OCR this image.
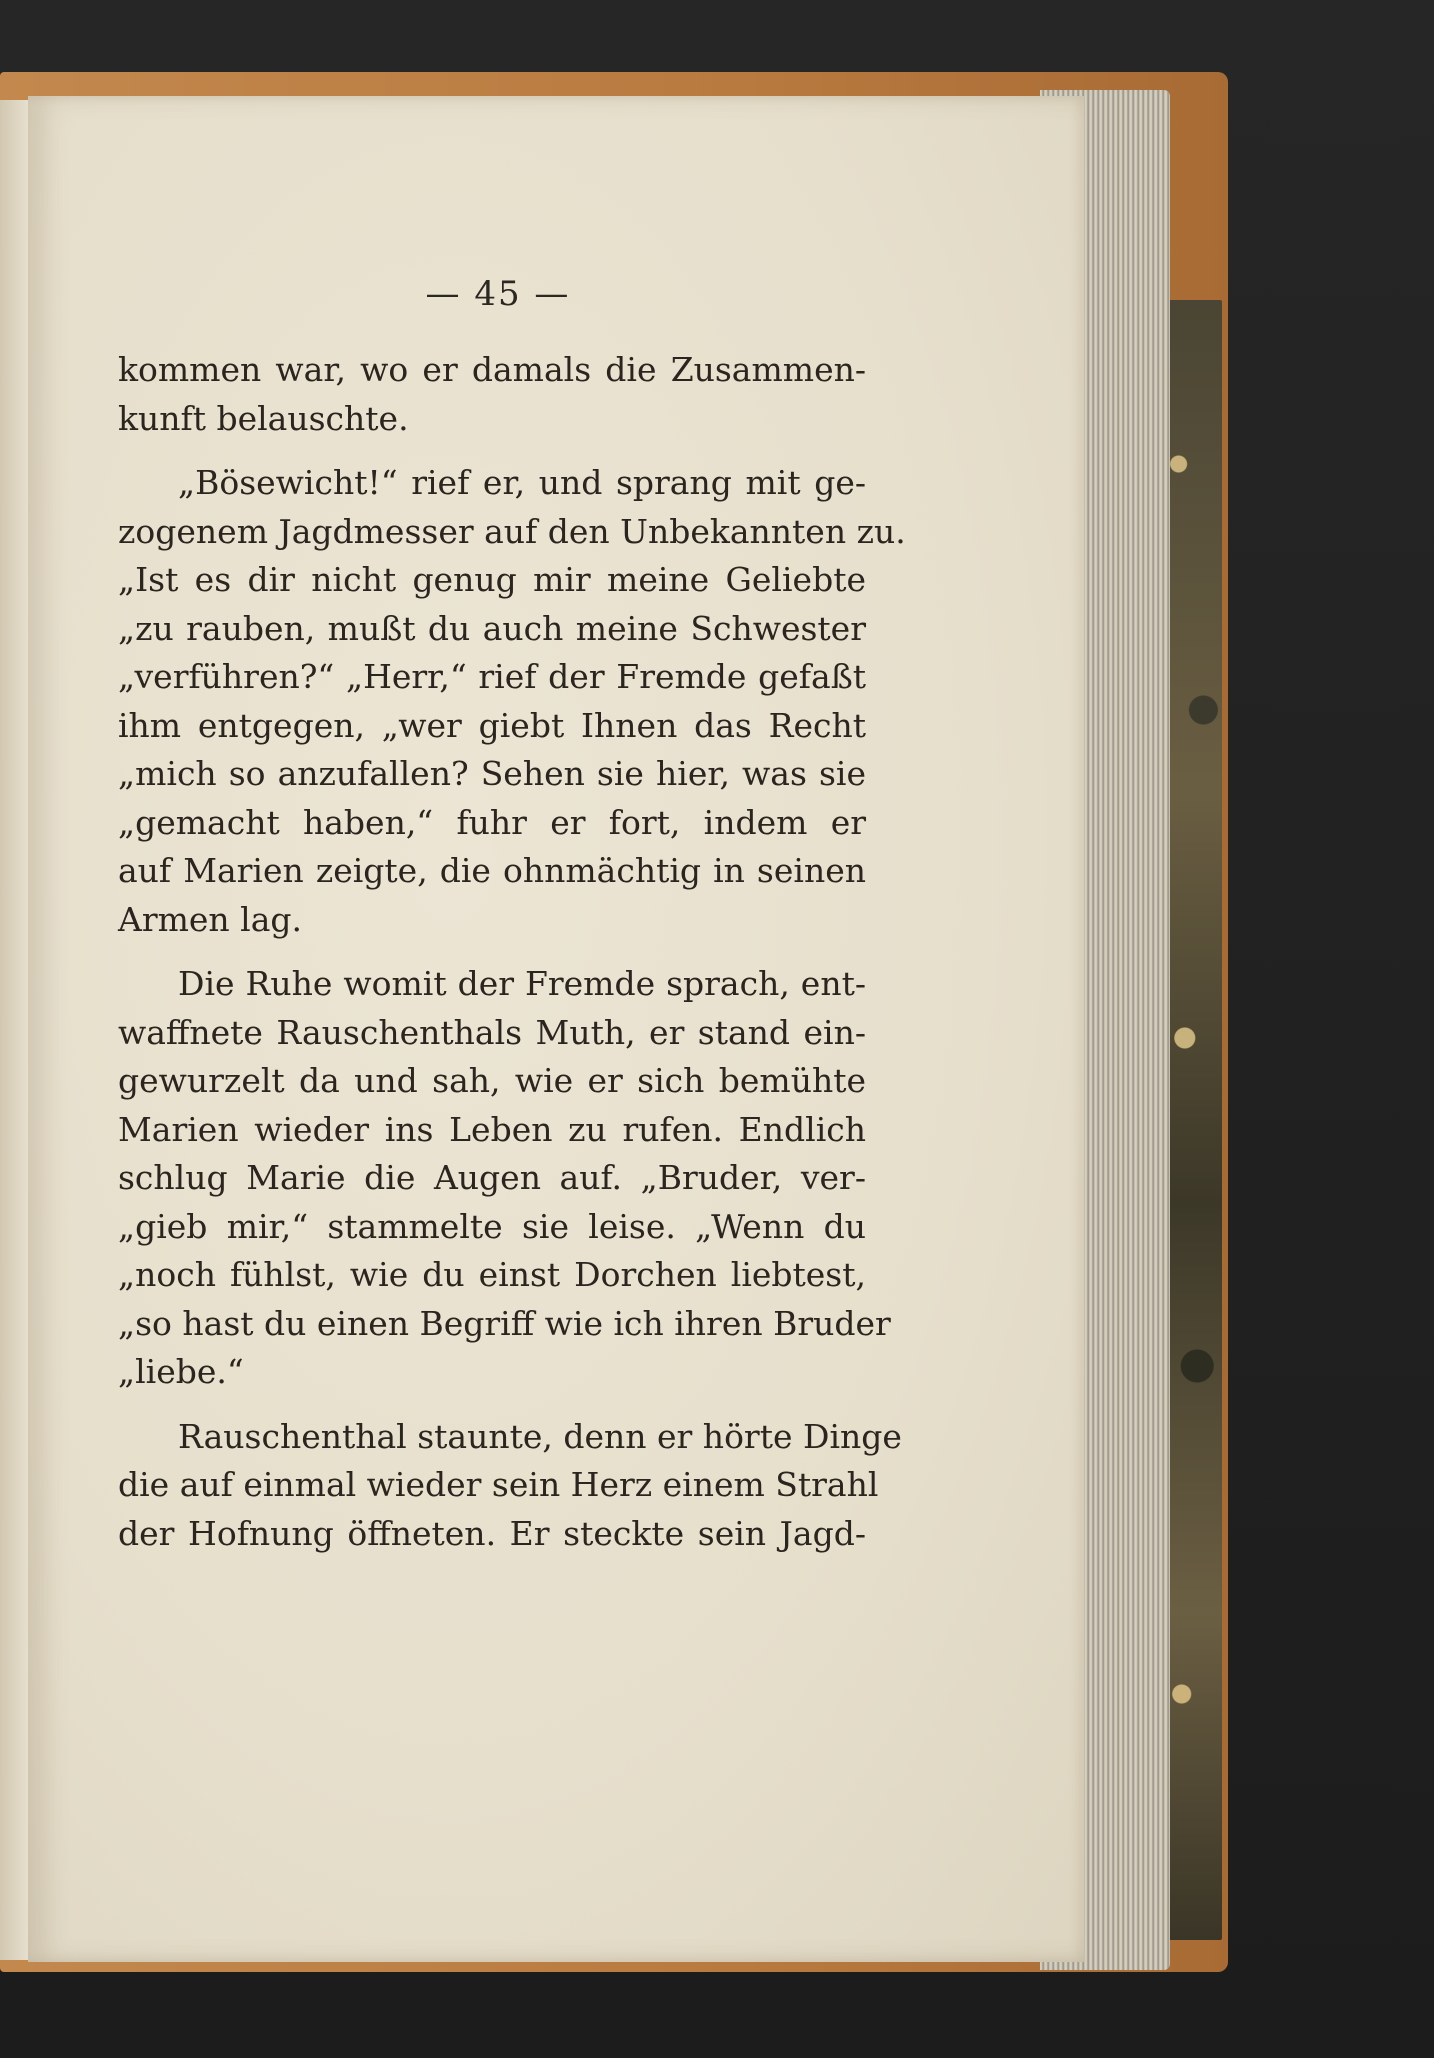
— 45 —

kommen war, wo er damals die Zusammen-
kunft belauschte.

„Bösewicht!“ rief er, und sprang mit ge-
zogenem Jagdmesser auf den Unbekannten zu.
„Ist es dir nicht genug mir meine Geliebte
„zu rauben, mußt du auch meine Schwester
„verführen?“ „Herr,“ rief der Fremde gefaßt
ihm entgegen, „wer giebt Ihnen das Recht
„mich so anzufallen? Sehen sie hier, was sie
„gemacht haben,“ fuhr er fort, indem er
auf Marien zeigte, die ohnmächtig in seinen
Armen lag.

Die Ruhe womit der Fremde sprach, ent-
waffnete Rauschenthals Muth, er stand ein-
gewurzelt da und sah, wie er sich bemühte
Marien wieder ins Leben zu rufen. Endlich
schlug Marie die Augen auf. „Bruder, ver-
„gieb mir,“ stammelte sie leise. „Wenn du
„noch fühlst, wie du einst Dorchen liebtest,
„so hast du einen Begriff wie ich ihren Bruder
„liebe.“

Rauschenthal staunte, denn er hörte Dinge
die auf einmal wieder sein Herz einem Strahl
der Hofnung öffneten. Er steckte sein Jagd-
